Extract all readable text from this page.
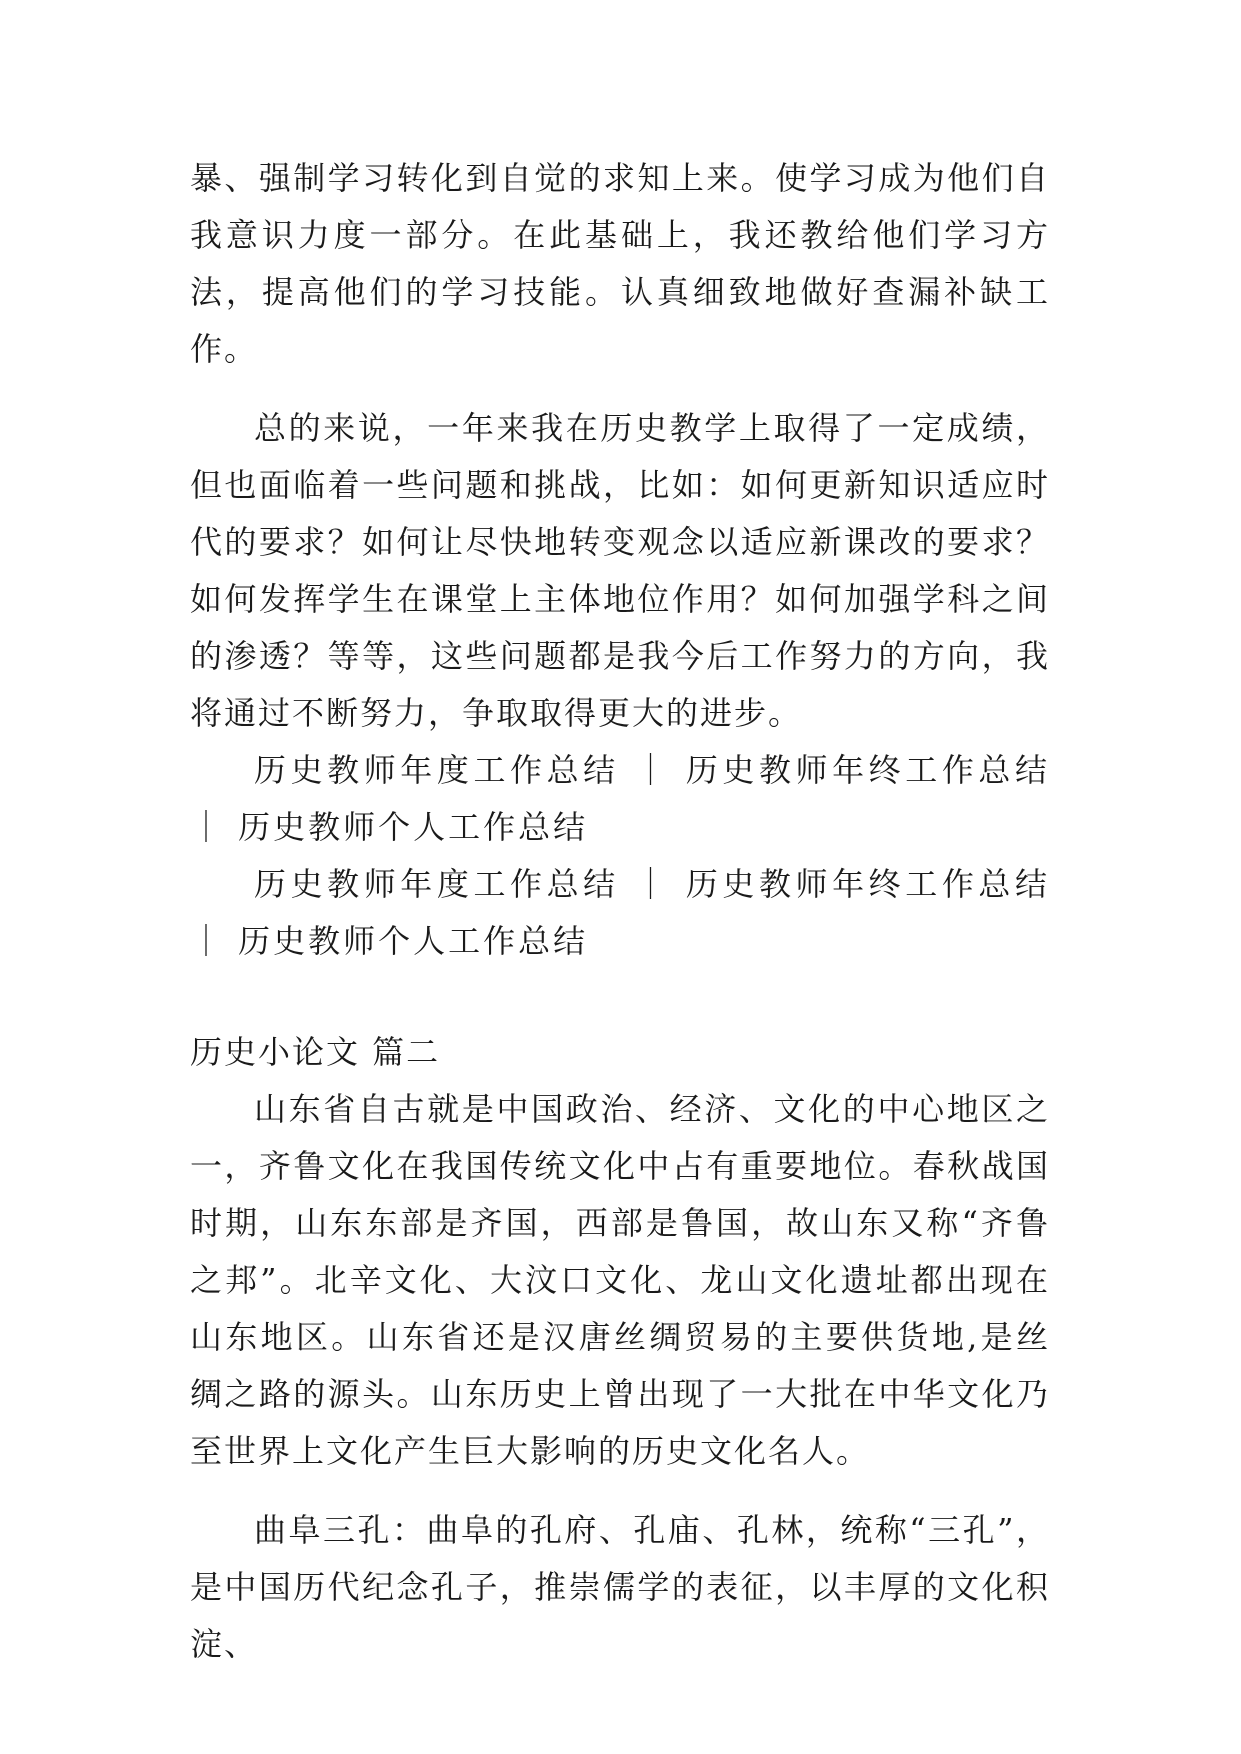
暴、强制学习转化到自觉的求知上来。使学习成为他们自我意识力度一部分。在此基础上，我还教给他们学习方法，提高他们的学习技能。认真细致地做好查漏补缺工作。

总的来说，一年来我在历史教学上取得了一定成绩，但也面临着一些问题和挑战，比如：如何更新知识适应时代的要求？如何让尽快地转变观念以适应新课改的要求？如何发挥学生在课堂上主体地位作用？如何加强学科之间的渗透？等等，这些问题都是我今后工作努力的方向，我将通过不断努力，争取取得更大的进步。

历史教师年度工作总结 ｜ 历史教师年终工作总结 ｜ 历史教师个人工作总结

历史教师年度工作总结 ｜ 历史教师年终工作总结 ｜ 历史教师个人工作总结

历史小论文 篇二

山东省自古就是中国政治、经济、文化的中心地区之一，齐鲁文化在我国传统文化中占有重要地位。春秋战国时期，山东东部是齐国，西部是鲁国，故山东又称“齐鲁之邦”。北辛文化、大汶口文化、龙山文化遗址都出现在山东地区。山东省还是汉唐丝绸贸易的主要供货地,是丝绸之路的源头。山东历史上曾出现了一大批在中华文化乃至世界上文化产生巨大影响的历史文化名人。

曲阜三孔：曲阜的孔府、孔庙、孔林，统称“三孔”，是中国历代纪念孔子，推崇儒学的表征，以丰厚的文化积淀、
